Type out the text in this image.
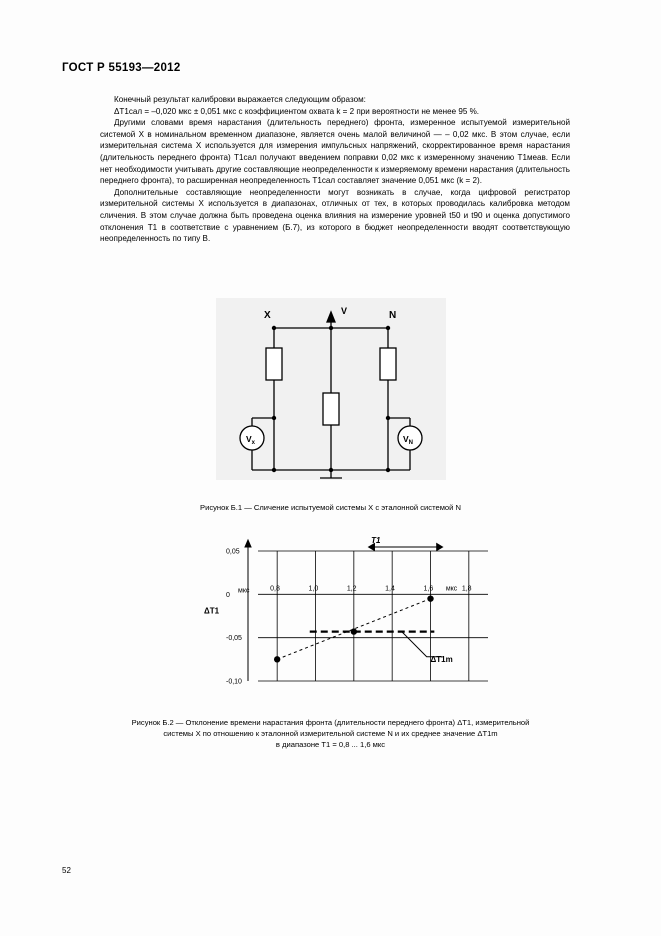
ГОСТ Р 55193—2012

Конечный результат калибровки выражается следующим образом:

ΔT1сал = –0,020 мкс ± 0,051 мкс с коэффициентом охвата k = 2 при вероятности не менее 95 %.

Другими словами время нарастания (длительность переднего) фронта, измеренное испытуемой измерительной системой X в номинальном временном диапазоне, является очень малой величиной — – 0,02 мкс. В этом случае, если измерительная система X используется для измерения импульсных напряжений, скорректированное время нарастания (длительность переднего фронта) T1сал получают введением поправки 0,02 мкс к измеренному значению T1меав. Если нет необходимости учитывать другие составляющие неопределенности к измеряемому времени нарастания (длительность переднего фронта), то расширенная неопределенность T1сал составляет значение 0,051 мкс (k = 2).

Дополнительные составляющие неопределенности могут возникать в случае, когда цифровой регистратор измерительной системы X используется в диапазонах, отличных от тех, в которых проводилась калибровка методом сличения. В этом случае должна быть проведена оценка влияния на измерение уровней t50 и t90 и оценка допустимого отклонения T1 в соответствие с уравнением (Б.7), из которого в бюджет неопределенности вводят соответствующую неопределенность по типу B.

V
X	N
$V_x$	$V_N$
Рисунок Б.1 — Сличение испытуемой системы X с эталонной системой N
0,05
0
-0,05
-0,10
0,8	1,0	1,2	1,4	1,6	1,8
ΔT1
мкс	мкс
T1
ΔT1m
Рисунок Б.2 — Отклонение времени нарастания фронта (длительности переднего фронта) ΔT1, измерительной
системы X по отношению к эталонной измерительной системе N и их среднее значение ΔT1m
в диапазоне T1 = 0,8 ... 1,6 мкс
52
